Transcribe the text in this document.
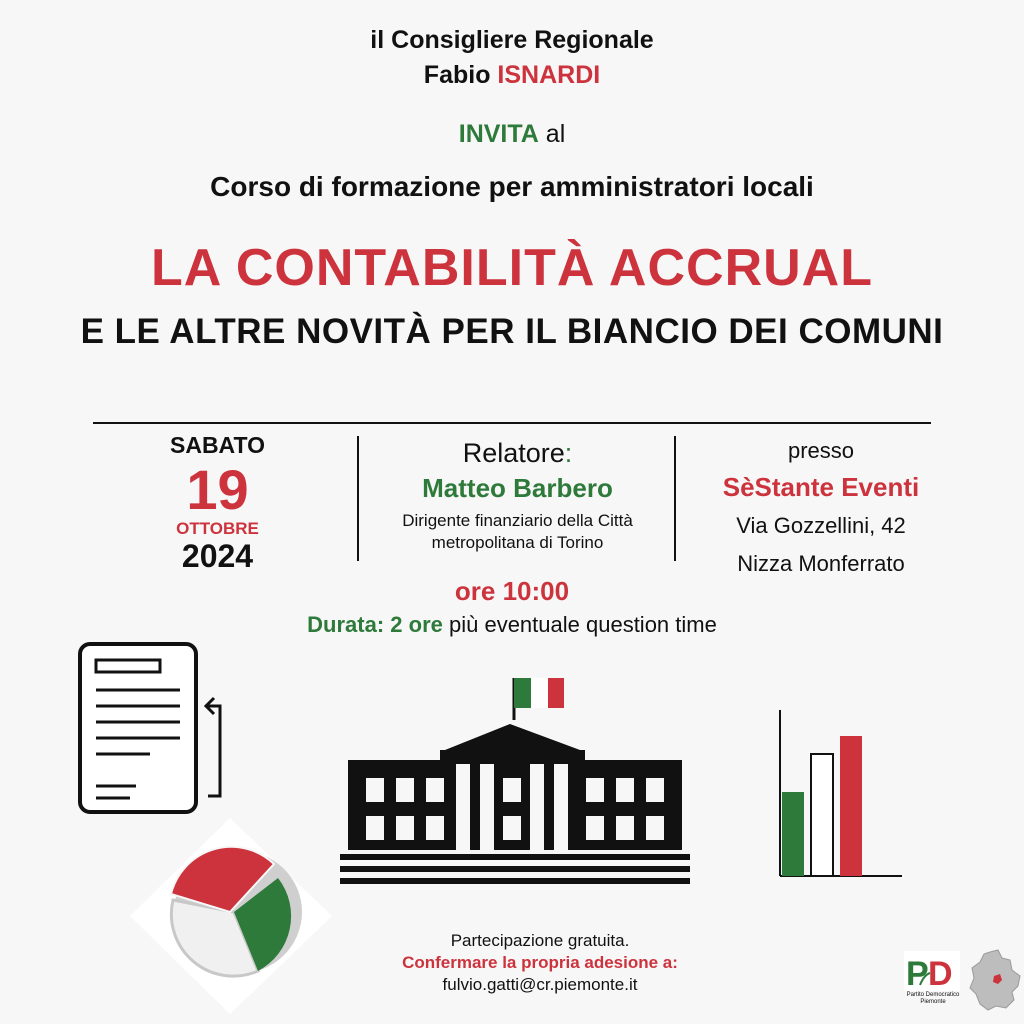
il Consigliere Regionale
Fabio ISNARDI
INVITA al
Corso di formazione per amministratori locali
LA CONTABILITÀ ACCRUAL
E LE ALTRE NOVITÀ PER IL BIANCIO DEI COMUNI
SABATO
19
OTTOBRE
2024
Relatore:
Matteo Barbero
Dirigente finanziario della Città
metropolitana di Torino
presso
SèStante Eventi
Via Gozzellini, 42
Nizza Monferrato
ore 10:00
Durata: 2 ore più eventuale question time
Partecipazione gratuita.
Confermare la propria adesione a:
fulvio.gatti@cr.piemonte.it	P D
Partito Democratico
Piemonte
